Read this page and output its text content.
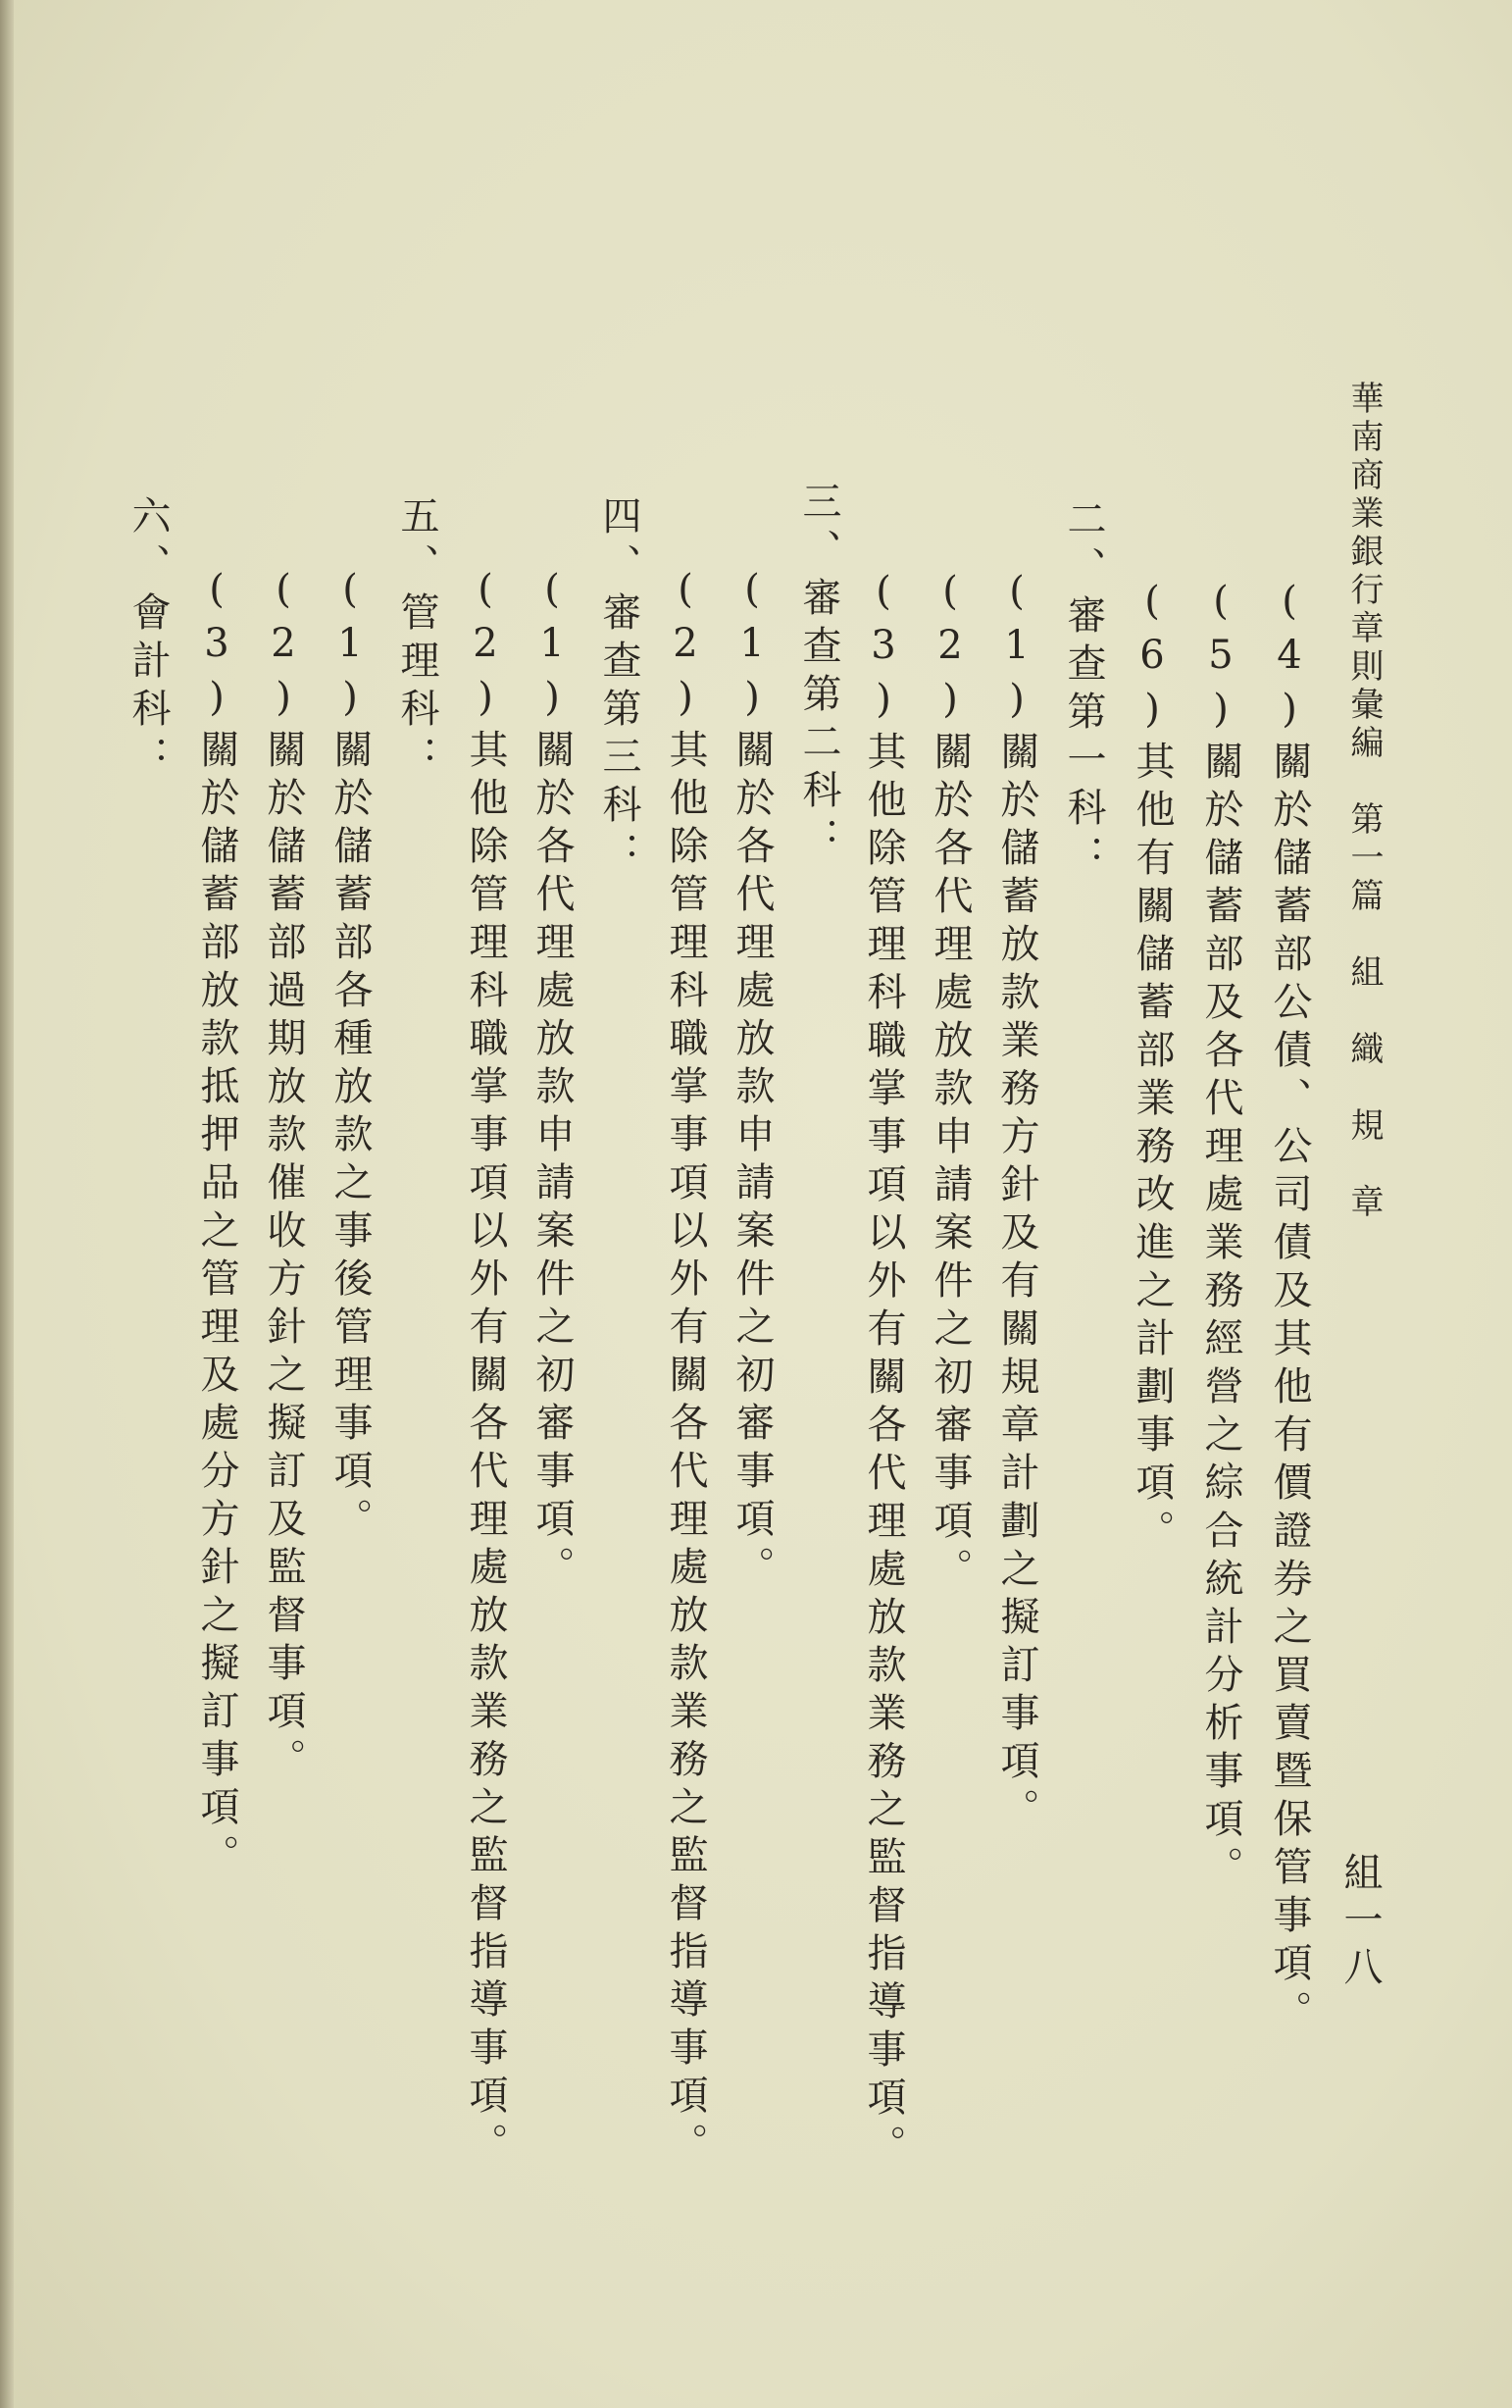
華南商業銀行章則彙編　第一篇　組　織　規　章
組一八
(4)關於儲蓄部公債、公司債及其他有價證券之買賣暨保管事項。
(5)關於儲蓄部及各代理處業務經營之綜合統計分析事項。
(6)其他有關儲蓄部業務改進之計劃事項。
二、審查第一科：
(1)關於儲蓄放款業務方針及有關規章計劃之擬訂事項。
(2)關於各代理處放款申請案件之初審事項。
(3)其他除管理科職掌事項以外有關各代理處放款業務之監督指導事項。
三、審查第二科：
(1)關於各代理處放款申請案件之初審事項。
(2)其他除管理科職掌事項以外有關各代理處放款業務之監督指導事項。
四、審查第三科：
(1)關於各代理處放款申請案件之初審事項。
(2)其他除管理科職掌事項以外有關各代理處放款業務之監督指導事項。
五、管理科：
(1)關於儲蓄部各種放款之事後管理事項。
(2)關於儲蓄部過期放款催收方針之擬訂及監督事項。
(3)關於儲蓄部放款抵押品之管理及處分方針之擬訂事項。
六、會計科：
